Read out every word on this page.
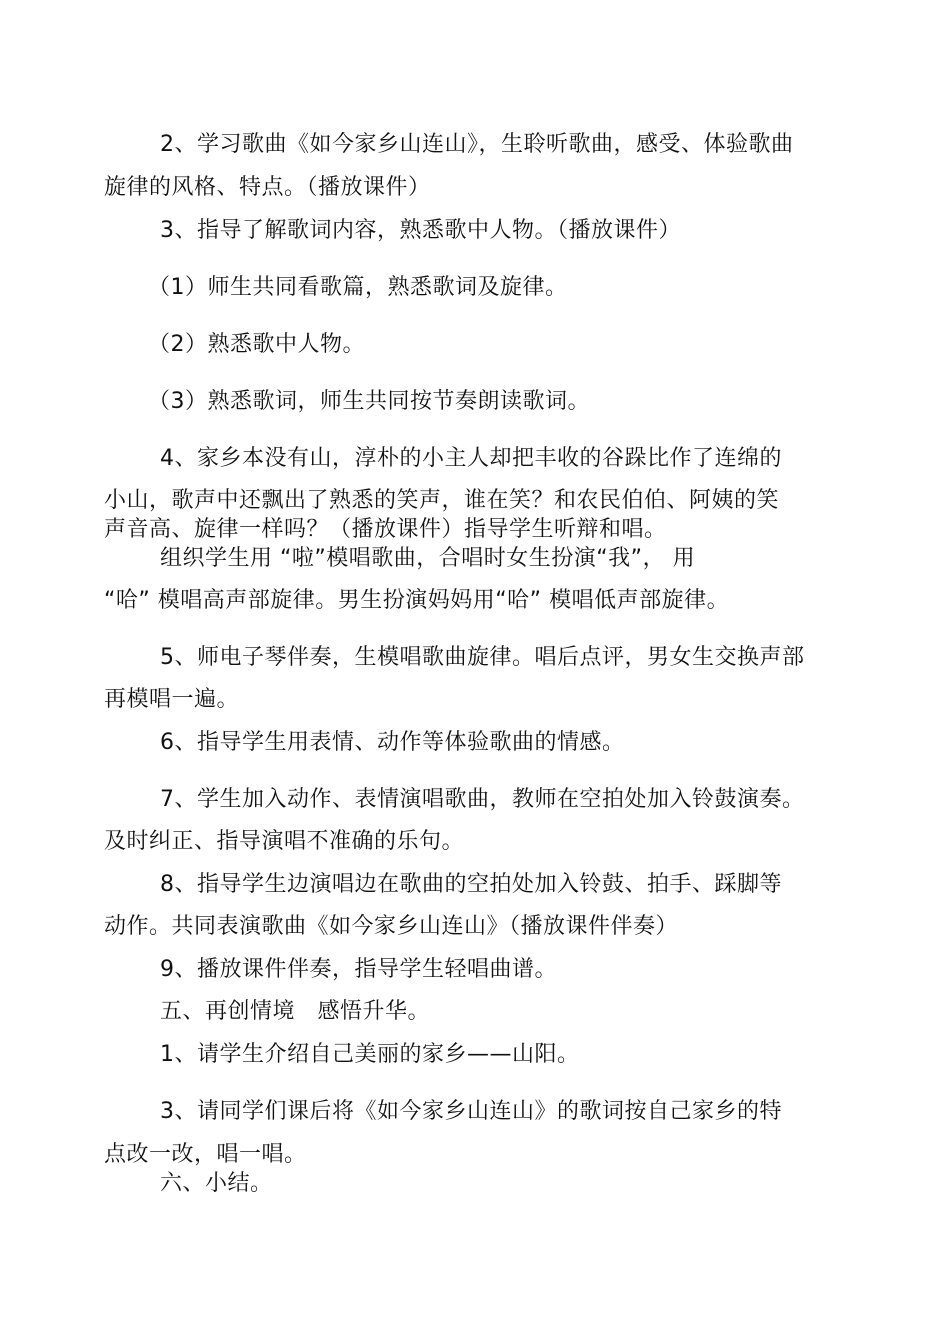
2、学习歌曲《如今家乡山连山》，生聆听歌曲，感受、体验歌曲
旋律的风格、特点。（播放课件）
3、指导了解歌词内容，熟悉歌中人物。（播放课件）
（1）师生共同看歌篇，熟悉歌词及旋律。
（2）熟悉歌中人物。
（3）熟悉歌词，师生共同按节奏朗读歌词。
4、家乡本没有山，淳朴的小主人却把丰收的谷跺比作了连绵的
小山，歌声中还飘出了熟悉的笑声，谁在笑？和农民伯伯、阿姨的笑
声音高、旋律一样吗？（播放课件）指导学生听辩和唱。
组织学生用 “啦”模唱歌曲，合唱时女生扮演“我”， 用
“哈” 模唱高声部旋律。男生扮演妈妈用“哈” 模唱低声部旋律。
5、师电子琴伴奏，生模唱歌曲旋律。唱后点评，男女生交换声部
再模唱一遍。
6、指导学生用表情、动作等体验歌曲的情感。
7、学生加入动作、表情演唱歌曲，教师在空拍处加入铃鼓演奏。
及时纠正、指导演唱不准确的乐句。
8、指导学生边演唱边在歌曲的空拍处加入铃鼓、拍手、踩脚等
动作。共同表演歌曲《如今家乡山连山》（播放课件伴奏）
9、播放课件伴奏，指导学生轻唱曲谱。
五、再创情境　感悟升华。
1、请学生介绍自己美丽的家乡——山阳。
3、请同学们课后将《如今家乡山连山》的歌词按自己家乡的特
点改一改，唱一唱。
六、小结。
